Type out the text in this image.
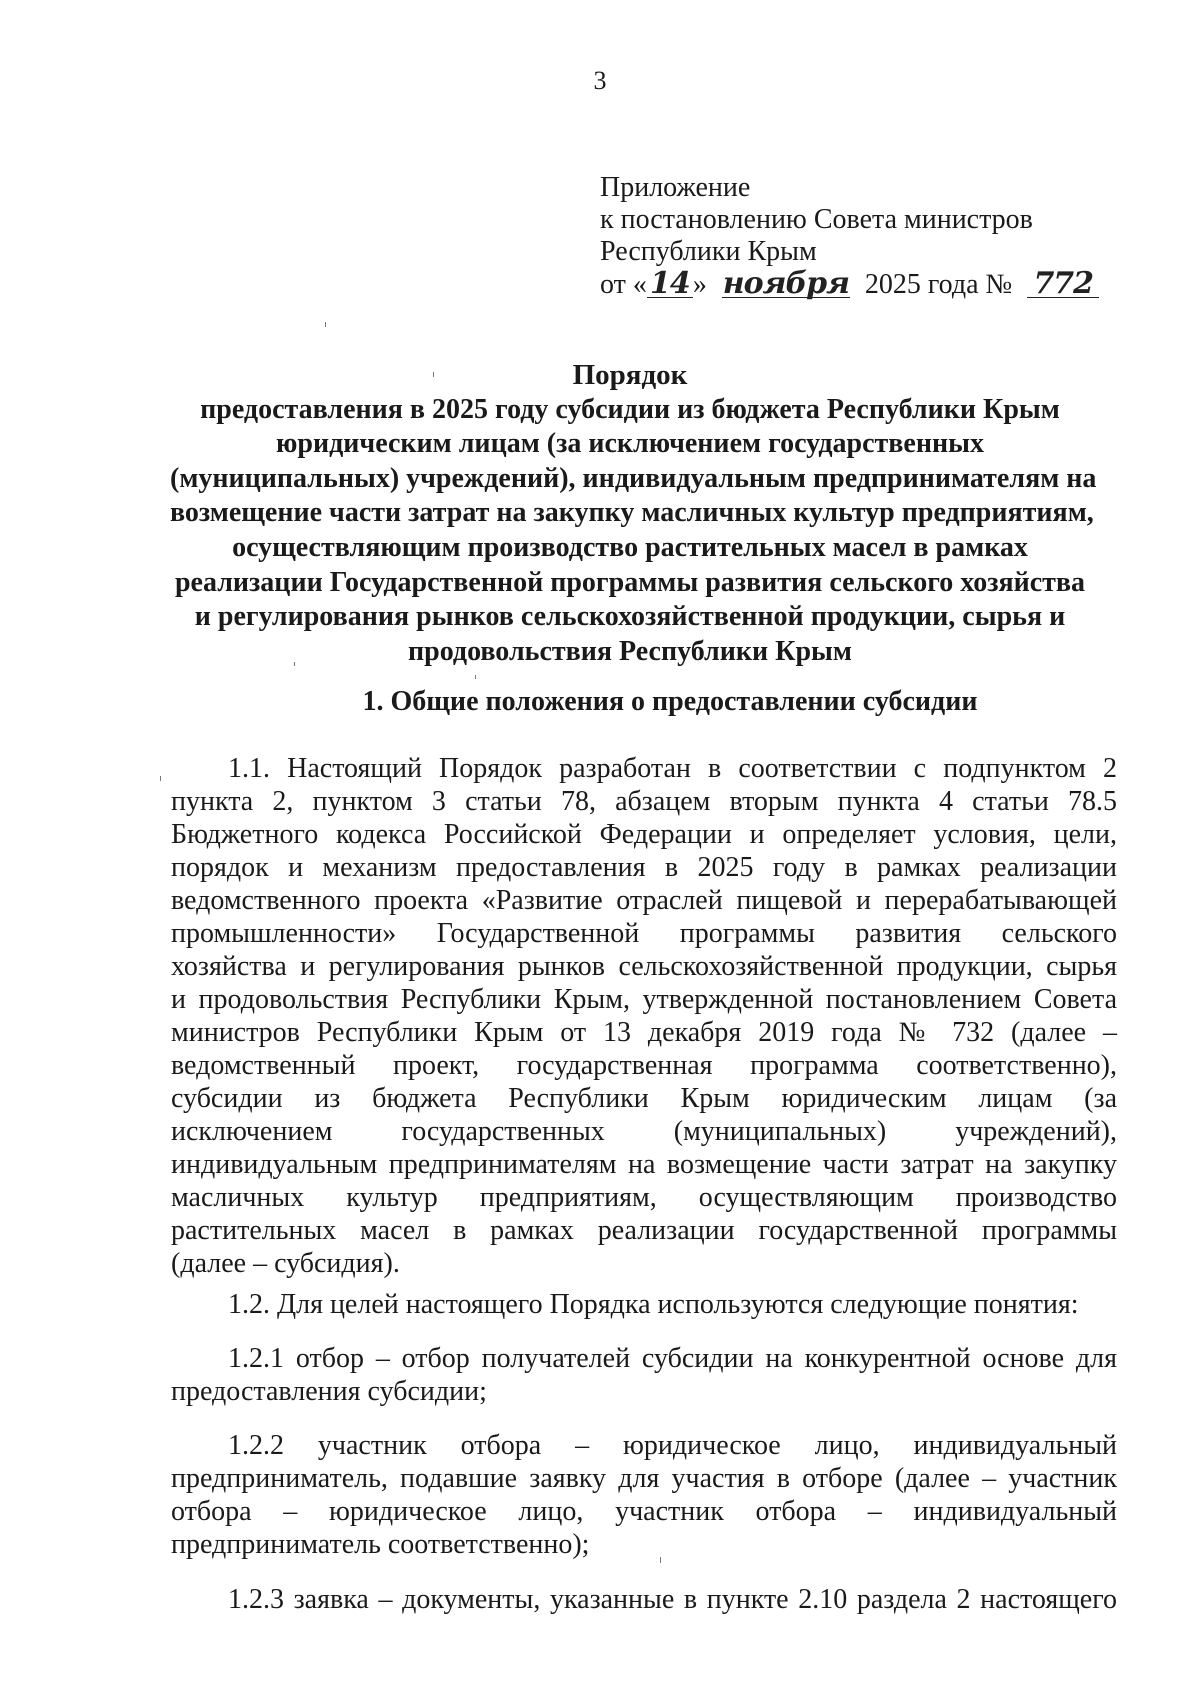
3
Приложение
к постановлению Совета министров
Республики Крым
от « 14 » ноября 2025 года № 772
Порядок
предоставления в 2025 году субсидии из бюджета Республики Крым
юридическим лицам (за исключением государственных
(муниципальных) учреждений), индивидуальным предпринимателям на
возмещение части затрат на закупку масличных культур предприятиям,
осуществляющим производство растительных масел в рамках
реализации Государственной программы развития сельского хозяйства
и регулирования рынков сельскохозяйственной продукции, сырья и
продовольствия Республики Крым
1. Общие положения о предоставлении субсидии
1.1. Настоящий Порядок разработан в соответствии с подпунктом 2
пункта 2, пунктом 3 статьи 78, абзацем вторым пункта 4 статьи 78.5
Бюджетного кодекса Российской Федерации и определяет условия, цели,
порядок и механизм предоставления в 2025 году в рамках реализации
ведомственного проекта «Развитие отраслей пищевой и перерабатывающей
промышленности» Государственной программы развития сельского
хозяйства и регулирования рынков сельскохозяйственной продукции, сырья
и продовольствия Республики Крым, утвержденной постановлением Совета
министров Республики Крым от 13 декабря 2019 года № 732 (далее –
ведомственный проект, государственная программа соответственно),
субсидии из бюджета Республики Крым юридическим лицам (за
исключением государственных (муниципальных) учреждений),
индивидуальным предпринимателям на возмещение части затрат на закупку
масличных культур предприятиям, осуществляющим производство
растительных масел в рамках реализации государственной программы
(далее – субсидия).
1.2. Для целей настоящего Порядка используются следующие понятия:
1.2.1 отбор – отбор получателей субсидии на конкурентной основе для
предоставления субсидии;
1.2.2 участник отбора – юридическое лицо, индивидуальный
предприниматель, подавшие заявку для участия в отборе (далее – участник
отбора – юридическое лицо, участник отбора – индивидуальный
предприниматель соответственно);
1.2.3 заявка – документы, указанные в пункте 2.10 раздела 2 настоящего
